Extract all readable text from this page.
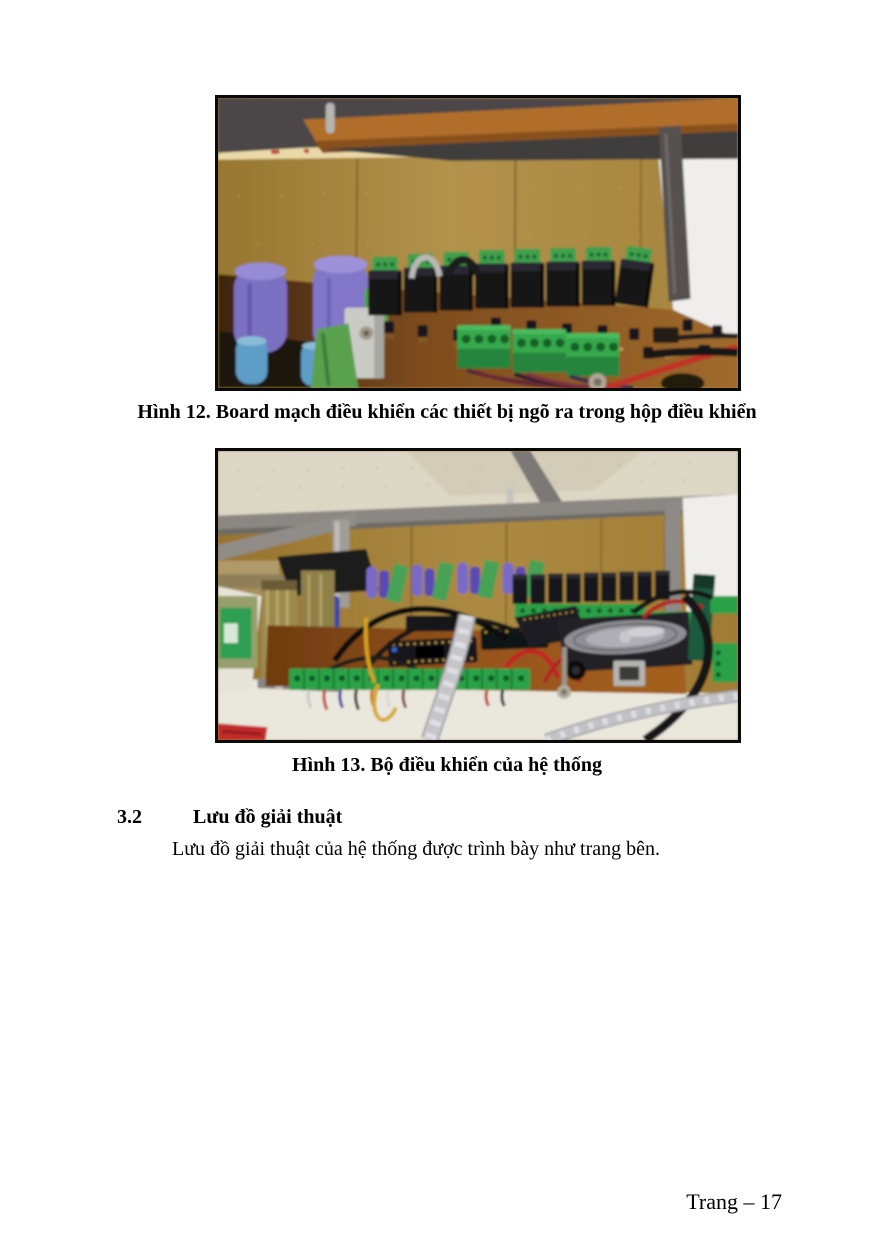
Hình 12. Board mạch điều khiển các thiết bị ngõ ra trong hộp điều khiển
Hình 13. Bộ điều khiển của hệ thống
3.2	Lưu đồ giải thuật

Lưu đồ giải thuật của hệ thống được trình bày như trang bên.

Trang – 17
